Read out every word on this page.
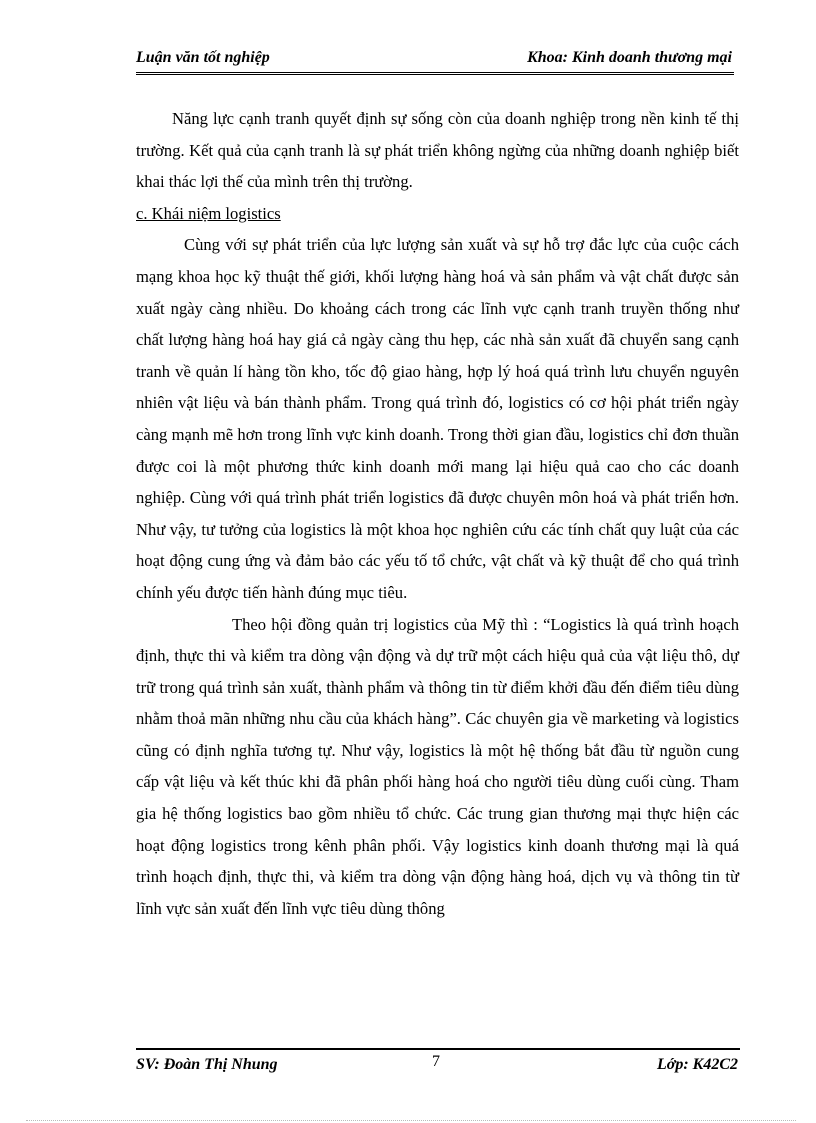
Luận văn tốt nghiệp	Khoa: Kinh doanh thương mại

Năng lực cạnh tranh quyết định sự sống còn của doanh nghiệp trong nền kinh tế thị trường. Kết quả của cạnh tranh là sự phát triển không ngừng của những doanh nghiệp biết khai thác lợi thế của mình trên thị trường.

c. Khái niệm logistics

Cùng với sự phát triển của lực lượng sản xuất và sự hỗ trợ đắc lực của cuộc cách mạng khoa học kỹ thuật thế giới, khối lượng hàng hoá và sản phẩm và vật chất được sản xuất ngày càng nhiều. Do khoảng cách trong các lĩnh vực cạnh tranh truyền thống như chất lượng hàng hoá hay giá cả ngày càng thu hẹp, các nhà sản xuất đã chuyển sang cạnh tranh về quản lí hàng tồn kho, tốc độ giao hàng, hợp lý hoá quá trình lưu chuyển nguyên nhiên vật liệu và bán thành phẩm. Trong quá trình đó, logistics có cơ hội phát triển ngày càng mạnh mẽ hơn trong lĩnh vực kinh doanh. Trong thời gian đầu, logistics chỉ đơn thuần được coi là một phương thức kinh doanh mới mang lại hiệu quả cao cho các doanh nghiệp. Cùng với quá trình phát triển logistics đã được chuyên môn hoá và phát triển hơn. Như vậy, tư tưởng của logistics là một khoa học nghiên cứu các tính chất quy luật của các hoạt động cung ứng và đảm bảo các yếu tố tổ chức, vật chất và kỹ thuật để cho quá trình chính yếu được tiến hành đúng mục tiêu.

Theo hội đồng quản trị logistics của Mỹ thì : “Logistics là quá trình hoạch định, thực thi và kiểm tra dòng vận động và dự trữ một cách hiệu quả của vật liệu thô, dự trữ trong quá trình sản xuất, thành phẩm và thông tin từ điểm khởi đầu đến điểm tiêu dùng nhằm thoả mãn những nhu cầu của khách hàng”. Các chuyên gia về marketing và logistics cũng có định nghĩa tương tự. Như vậy, logistics là một hệ thống bắt đầu từ nguồn cung cấp vật liệu và kết thúc khi đã phân phối hàng hoá cho người tiêu dùng cuối cùng. Tham gia hệ thống logistics bao gồm nhiều tổ chức. Các trung gian thương mại thực hiện các hoạt động logistics trong kênh phân phối. Vậy logistics kinh doanh thương mại là quá trình hoạch định, thực thi, và kiểm tra dòng vận động hàng hoá, dịch vụ và thông tin từ lĩnh vực sản xuất đến lĩnh vực tiêu dùng thông

SV: Đoàn Thị Nhung	7	Lớp: K42C2
